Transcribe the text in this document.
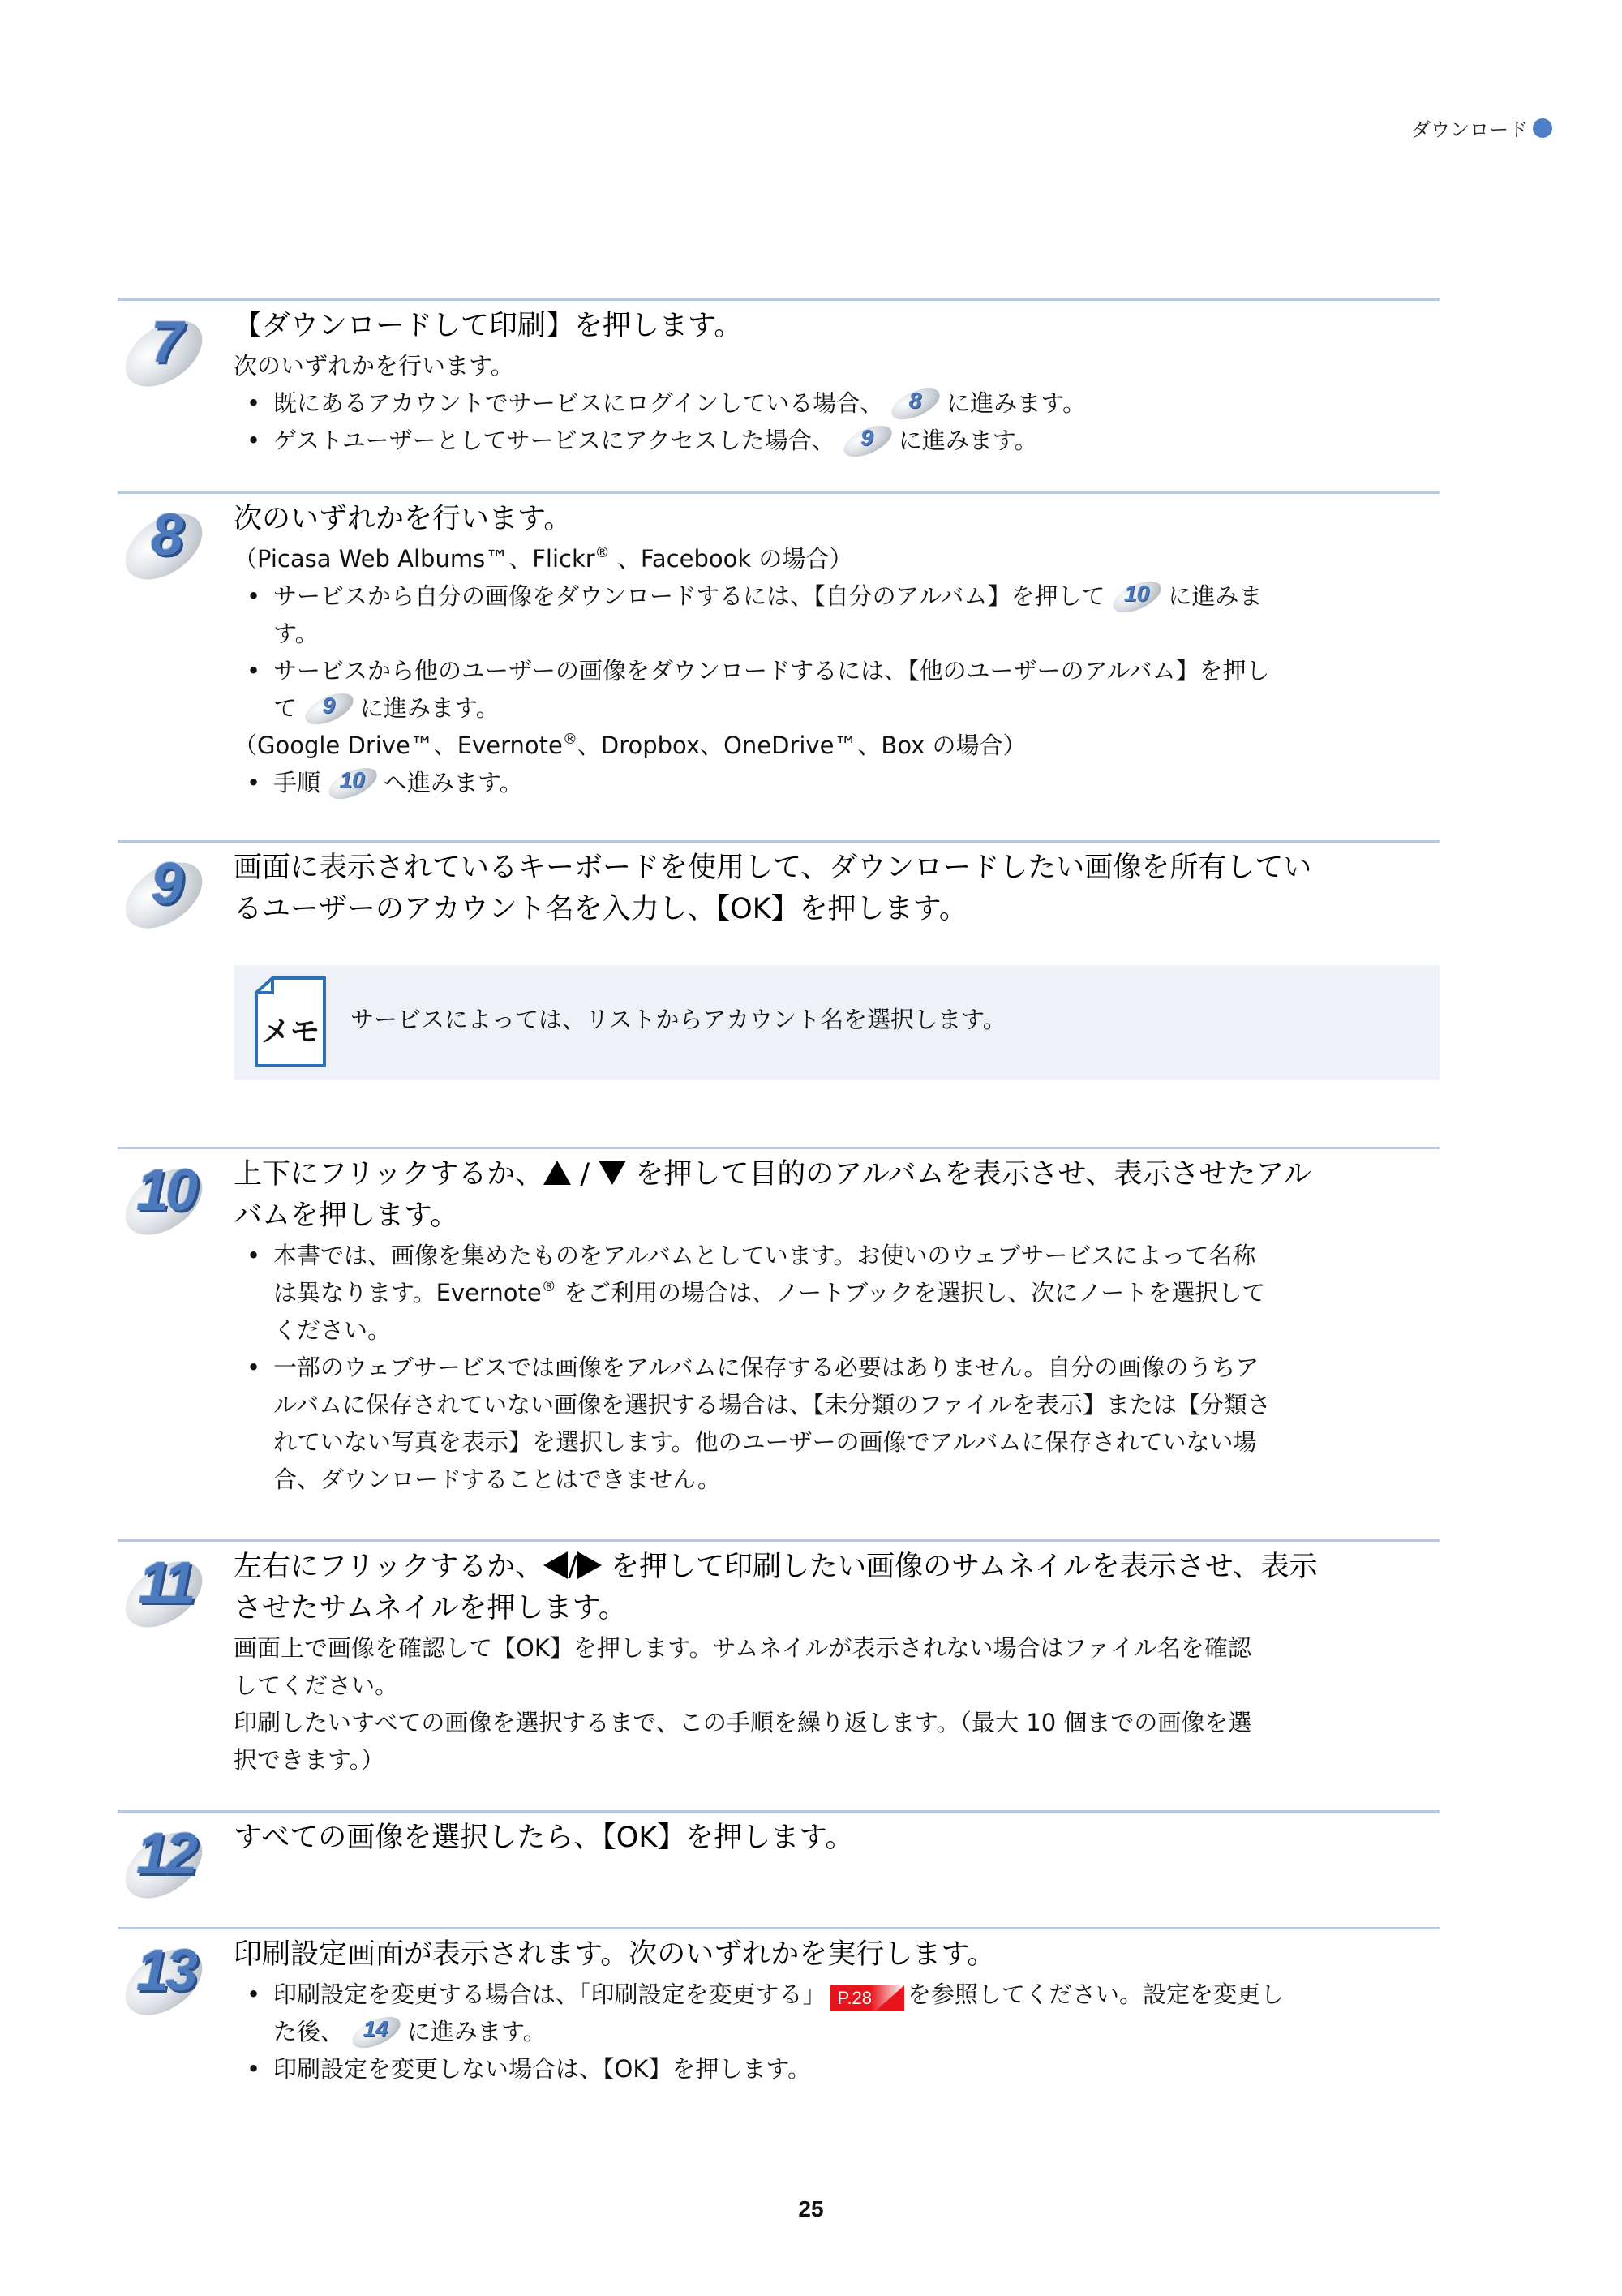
ダウンロード
7	【ダウンロードして印刷】を押します。
次のいずれかを行います。
• 既にあるアカウントでサービスにログインしている場合、	8	に進みます。
• ゲストユーザーとしてサービスにアクセスした場合、	9	に進みます。
8	次のいずれかを行います。
（Picasa Web Albums™、Flickr® 、Facebook の場合）
• サービスから自分の画像をダウンロードするには、【自分のアルバム】を押して 10 に進みま
す。
• サービスから他のユーザーの画像をダウンロードするには、【他のユーザーのアルバム】を押し
て	9	に進みます。
（Google Drive™、Evernote®、Dropbox、OneDrive™、Box の場合）
• 手順 10 へ進みます。
9	画面に表示されているキーボードを使用して、ダウンロードしたい画像を所有してい
るユーザーのアカウント名を入力し、【OK】を押します。
メモ サービスによっては、リストからアカウント名を選択します。
10	上下にフリックするか、 /  を押して目的のアルバムを表示させ、表示させたアル
バムを押します。
• 本書では、画像を集めたものをアルバムとしています。お使いのウェブサービスによって名称
は異なります。Evernote® をご利用の場合は、ノートブックを選択し、次にノートを選択して
ください。
• 一部のウェブサービスでは画像をアルバムに保存する必要はありません。自分の画像のうちア
ルバムに保存されていない画像を選択する場合は、【未分類のファイルを表示】または【分類さ
れていない写真を表示】を選択します。他のユーザーの画像でアルバムに保存されていない場
合、ダウンロードすることはできません。
11	左右にフリックするか、 / を押して印刷したい画像のサムネイルを表示させ、表示
させたサムネイルを押します。
画面上で画像を確認して【OK】を押します。サムネイルが表示されない場合はファイル名を確認
してください。
印刷したいすべての画像を選択するまで、この手順を繰り返します。（最大 10 個までの画像を選
択できます。）
12	すべての画像を選択したら、【OK】を押します。
13	印刷設定画面が表示されます。次のいずれかを実行します。
• 印刷設定を変更する場合は、「印刷設定を変更する」 P.28 を参照してください。設定を変更し
た後、 14 に進みます。
• 印刷設定を変更しない場合は、【OK】を押します。
25
